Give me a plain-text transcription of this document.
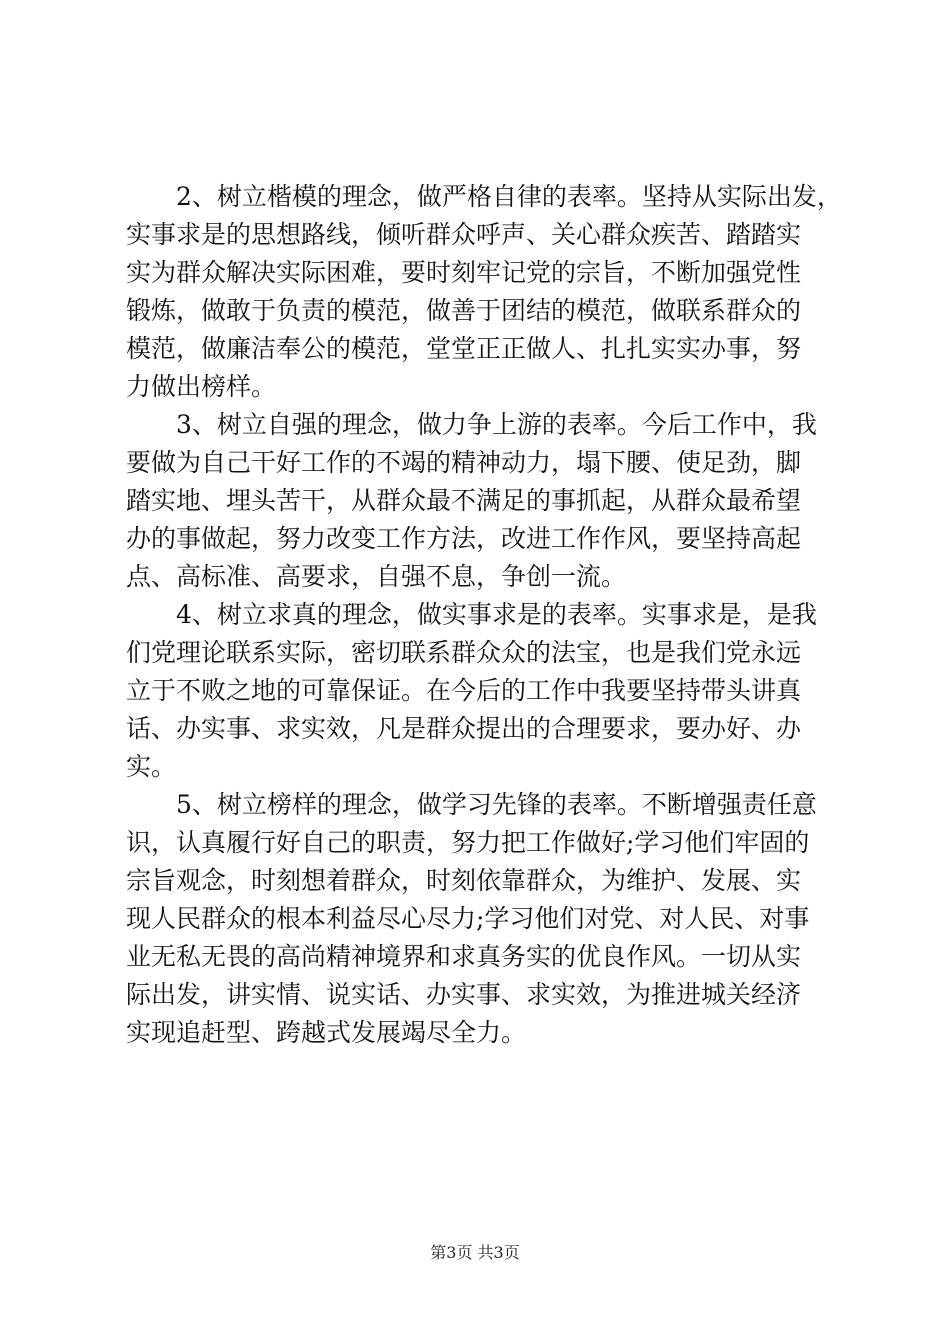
2、树立楷模的理念，做严格自律的表率。坚持从实际出发，
实事求是的思想路线，倾听群众呼声、关心群众疾苦、踏踏实
实为群众解决实际困难，要时刻牢记党的宗旨，不断加强党性
锻炼，做敢于负责的模范，做善于团结的模范，做联系群众的
模范，做廉洁奉公的模范，堂堂正正做人、扎扎实实办事，努
力做出榜样。
3、树立自强的理念，做力争上游的表率。今后工作中，我
要做为自己干好工作的不竭的精神动力，塌下腰、使足劲，脚
踏实地、埋头苦干，从群众最不满足的事抓起，从群众最希望
办的事做起，努力改变工作方法，改进工作作风，要坚持高起
点、高标准、高要求，自强不息，争创一流。
4、树立求真的理念，做实事求是的表率。实事求是，是我
们党理论联系实际，密切联系群众众的法宝，也是我们党永远
立于不败之地的可靠保证。在今后的工作中我要坚持带头讲真
话、办实事、求实效，凡是群众提出的合理要求，要办好、办
实。
5、树立榜样的理念，做学习先锋的表率。不断增强责任意
识，认真履行好自己的职责，努力把工作做好;学习他们牢固的
宗旨观念，时刻想着群众，时刻依靠群众，为维护、发展、实
现人民群众的根本利益尽心尽力;学习他们对党、对人民、对事
业无私无畏的高尚精神境界和求真务实的优良作风。一切从实
际出发，讲实情、说实话、办实事、求实效，为推进城关经济
实现追赶型、跨越式发展竭尽全力。
第3页 共3页
